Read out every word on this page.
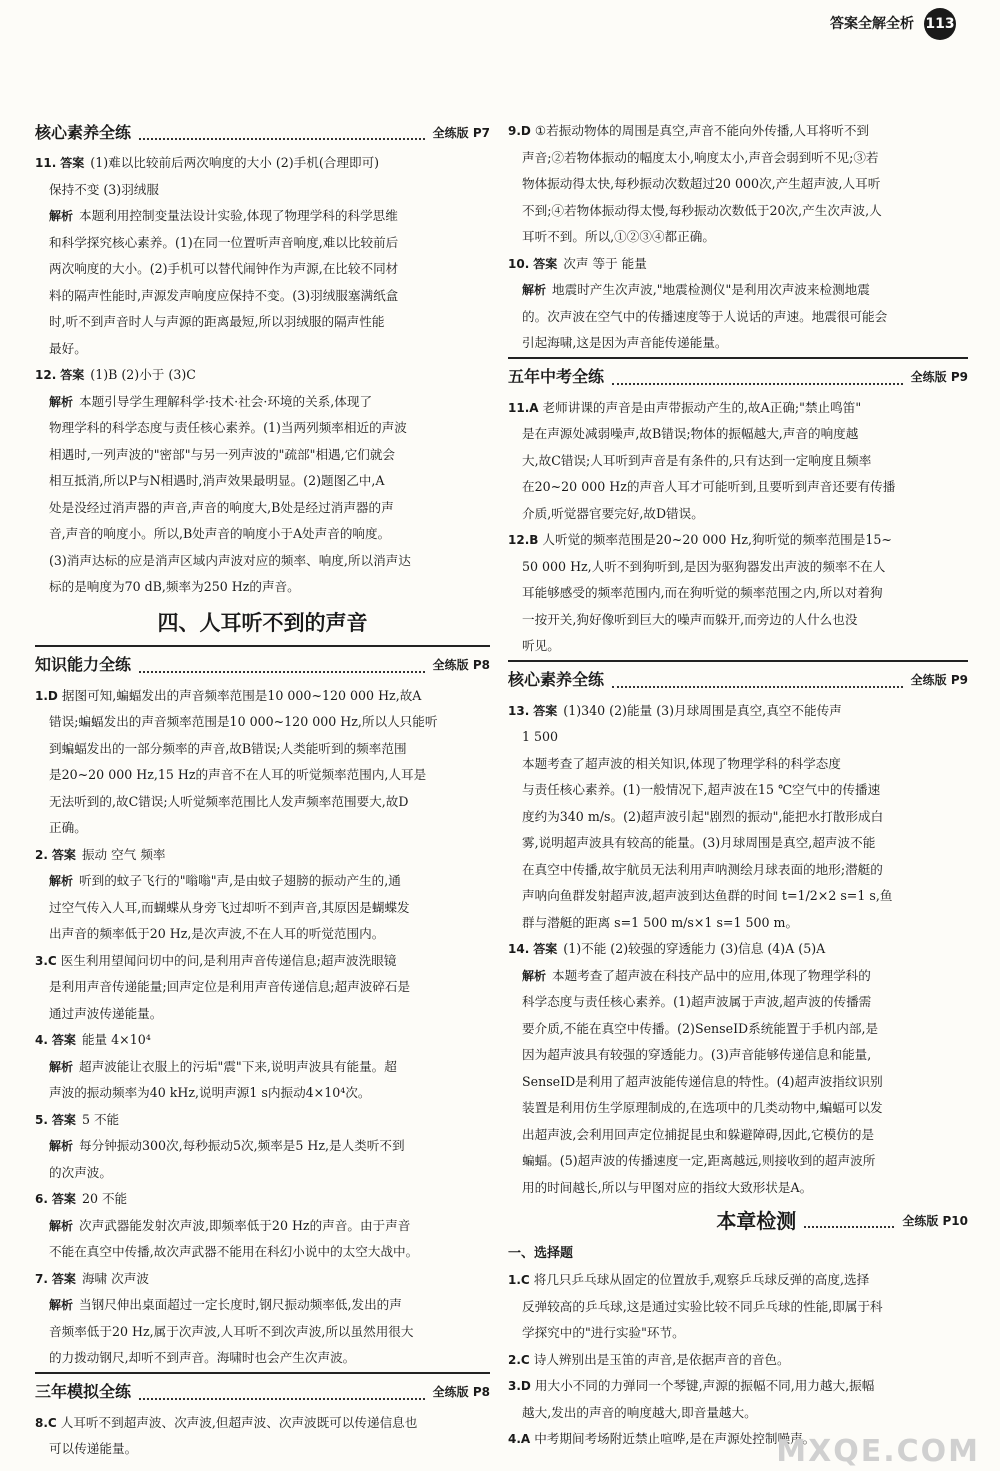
答案全解全析 113
核心素养全练	全练版 P7
11. 答案 (1)难以比较前后两次响度的大小 (2)手机(合理即可)
保持不变 (3)羽绒服
解析 本题利用控制变量法设计实验,体现了物理学科的科学思维
和科学探究核心素养。(1)在同一位置听声音响度,难以比较前后
两次响度的大小。(2)手机可以替代闹钟作为声源,在比较不同材
料的隔声性能时,声源发声响度应保持不变。(3)羽绒服塞满纸盒
时,听不到声音时人与声源的距离最短,所以羽绒服的隔声性能
最好。
12. 答案 (1)B (2)小于 (3)C
解析 本题引导学生理解科学·技术·社会·环境的关系,体现了
物理学科的科学态度与责任核心素养。(1)当两列频率相近的声波
相遇时,一列声波的"密部"与另一列声波的"疏部"相遇,它们就会
相互抵消,所以P与N相遇时,消声效果最明显。(2)题图乙中,A
处是没经过消声器的声音,声音的响度大,B处是经过消声器的声
音,声音的响度小。所以,B处声音的响度小于A处声音的响度。
(3)消声达标的应是消声区域内声波对应的频率、响度,所以消声达
标的是响度为70 dB,频率为250 Hz的声音。
四、人耳听不到的声音
知识能力全练	全练版 P8
1.D 据图可知,蝙蝠发出的声音频率范围是10 000~120 000 Hz,故A
错误;蝙蝠发出的声音频率范围是10 000~120 000 Hz,所以人只能听
到蝙蝠发出的一部分频率的声音,故B错误;人类能听到的频率范围
是20~20 000 Hz,15 Hz的声音不在人耳的听觉频率范围内,人耳是
无法听到的,故C错误;人听觉频率范围比人发声频率范围要大,故D
正确。
2. 答案 振动 空气 频率
解析 听到的蚊子飞行的"嗡嗡"声,是由蚊子翅膀的振动产生的,通
过空气传入人耳,而蝴蝶从身旁飞过却听不到声音,其原因是蝴蝶发
出声音的频率低于20 Hz,是次声波,不在人耳的听觉范围内。
3.C 医生利用望闻问切中的问,是利用声音传递信息;超声波洗眼镜
是利用声音传递能量;回声定位是利用声音传递信息;超声波碎石是
通过声波传递能量。
4. 答案 能量 4×10⁴
解析 超声波能让衣服上的污垢"震"下来,说明声波具有能量。超
声波的振动频率为40 kHz,说明声源1 s内振动4×10⁴次。
5. 答案 5 不能
解析 每分钟振动300次,每秒振动5次,频率是5 Hz,是人类听不到
的次声波。
6. 答案 20 不能
解析 次声武器能发射次声波,即频率低于20 Hz的声音。由于声音
不能在真空中传播,故次声武器不能用在科幻小说中的太空大战中。
7. 答案 海啸 次声波
解析 当钢尺伸出桌面超过一定长度时,钢尺振动频率低,发出的声
音频率低于20 Hz,属于次声波,人耳听不到次声波,所以虽然用很大
的力拨动钢尺,却听不到声音。海啸时也会产生次声波。
三年模拟全练	全练版 P8
8.C 人耳听不到超声波、次声波,但超声波、次声波既可以传递信息也
可以传递能量。
9.D ①若振动物体的周围是真空,声音不能向外传播,人耳将听不到
声音;②若物体振动的幅度太小,响度太小,声音会弱到听不见;③若
物体振动得太快,每秒振动次数超过20 000次,产生超声波,人耳听
不到;④若物体振动得太慢,每秒振动次数低于20次,产生次声波,人
耳听不到。所以,①②③④都正确。
10. 答案 次声 等于 能量
解析 地震时产生次声波,"地震检测仪"是利用次声波来检测地震
的。次声波在空气中的传播速度等于人说话的声速。地震很可能会
引起海啸,这是因为声音能传递能量。
五年中考全练	全练版 P9
11.A 老师讲课的声音是由声带振动产生的,故A正确;"禁止鸣笛"
是在声源处减弱噪声,故B错误;物体的振幅越大,声音的响度越
大,故C错误;人耳听到声音是有条件的,只有达到一定响度且频率
在20~20 000 Hz的声音人耳才可能听到,且要听到声音还要有传播
介质,听觉器官要完好,故D错误。
12.B 人听觉的频率范围是20~20 000 Hz,狗听觉的频率范围是15~
50 000 Hz,人听不到狗听到,是因为驱狗器发出声波的频率不在人
耳能够感受的频率范围内,而在狗听觉的频率范围之内,所以对着狗
一按开关,狗好像听到巨大的噪声而躲开,而旁边的人什么也没
听见。
核心素养全练	全练版 P9
13. 答案 (1)340 (2)能量 (3)月球周围是真空,真空不能传声
1 500
本题考查了超声波的相关知识,体现了物理学科的科学态度
与责任核心素养。(1)一般情况下,超声波在15 ℃空气中的传播速
度约为340 m/s。(2)超声波引起"剧烈的振动",能把水打散形成白
雾,说明超声波具有较高的能量。(3)月球周围是真空,超声波不能
在真空中传播,故宇航员无法利用声呐测绘月球表面的地形;潜艇的
声呐向鱼群发射超声波,超声波到达鱼群的时间 t=1/2×2 s=1 s,鱼
群与潜艇的距离 s=1 500 m/s×1 s=1 500 m。
14. 答案 (1)不能 (2)较强的穿透能力 (3)信息 (4)A (5)A
解析 本题考查了超声波在科技产品中的应用,体现了物理学科的
科学态度与责任核心素养。(1)超声波属于声波,超声波的传播需
要介质,不能在真空中传播。(2)SenseID系统能置于手机内部,是
因为超声波具有较强的穿透能力。(3)声音能够传递信息和能量,
SenseID是利用了超声波能传递信息的特性。(4)超声波指纹识别
装置是利用仿生学原理制成的,在选项中的几类动物中,蝙蝠可以发
出超声波,会利用回声定位捕捉昆虫和躲避障碍,因此,它模仿的是
蝙蝠。(5)超声波的传播速度一定,距离越远,则接收到的超声波所
用的时间越长,所以与甲图对应的指纹大致形状是A。
本章检测	全练版 P10
一、选择题
1.C 将几只乒乓球从固定的位置放手,观察乒乓球反弹的高度,选择
反弹较高的乒乓球,这是通过实验比较不同乒乓球的性能,即属于科
学探究中的"进行实验"环节。
2.C 诗人辨别出是玉笛的声音,是依据声音的音色。
3.D 用大小不同的力弹同一个琴键,声源的振幅不同,用力越大,振幅
越大,发出的声音的响度越大,即音量越大。
4.A 中考期间考场附近禁止喧哗,是在声源处控制噪声。
MXQE.COM
